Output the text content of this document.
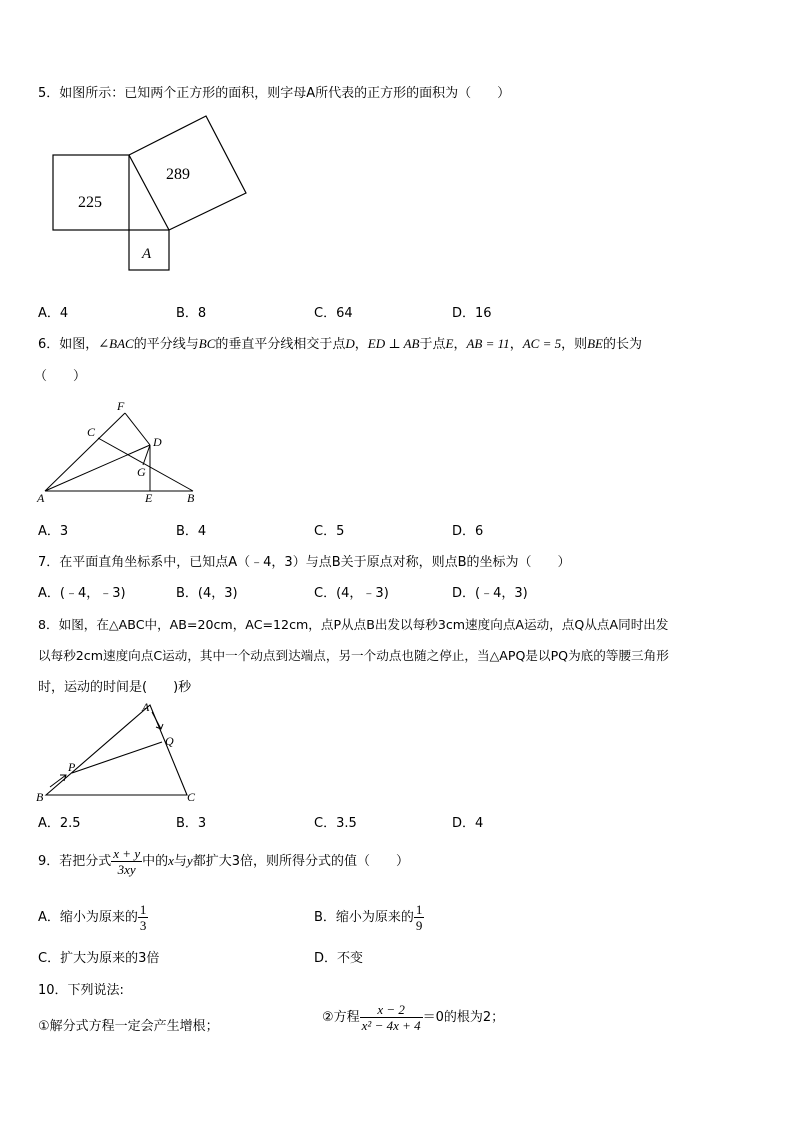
5．如图所示：已知两个正方形的面积，则字母A所代表的正方形的面积为（　　）
225
289
A
A．4	B．8	C．64	D．16
6．如图，∠BAC的平分线与BC的垂直平分线相交于点D，ED ⊥ AB于点E，AB = 11，AC = 5，则BE的长为
（　　）
F
C
D
G
A	E	B
A．3	B．4	C．5	D．6
7．在平面直角坐标系中，已知点A（﹣4，3）与点B关于原点对称，则点B的坐标为（　　）
A．(﹣4，﹣3)	B．(4，3)	C．(4，﹣3)	D．(﹣4，3)
8．如图，在△ABC中，AB=20cm，AC=12cm，点P从点B出发以每秒3cm速度向点A运动，点Q从点A同时出发
以每秒2cm速度向点C运动，其中一个动点到达端点，另一个动点也随之停止，当△APQ是以PQ为底的等腰三角形
时，运动的时间是(　　)秒
A
Q
P
B	C
A．2.5	B．3	C．3.5	D．4
9．若把分式 $\frac{x + y}{3xy}$ 中的x与y都扩大3倍，则所得分式的值（　　）
A．缩小为原来的 $\frac{1}{3}$	B．缩小为原来的 $\frac{1}{9}$
C．扩大为原来的3倍	D．不变
10．下列说法:
①解分式方程一定会产生增根；
②方程 $\frac{x - 2}{\text{x² − 4x + 4}} =0$的根为2；
